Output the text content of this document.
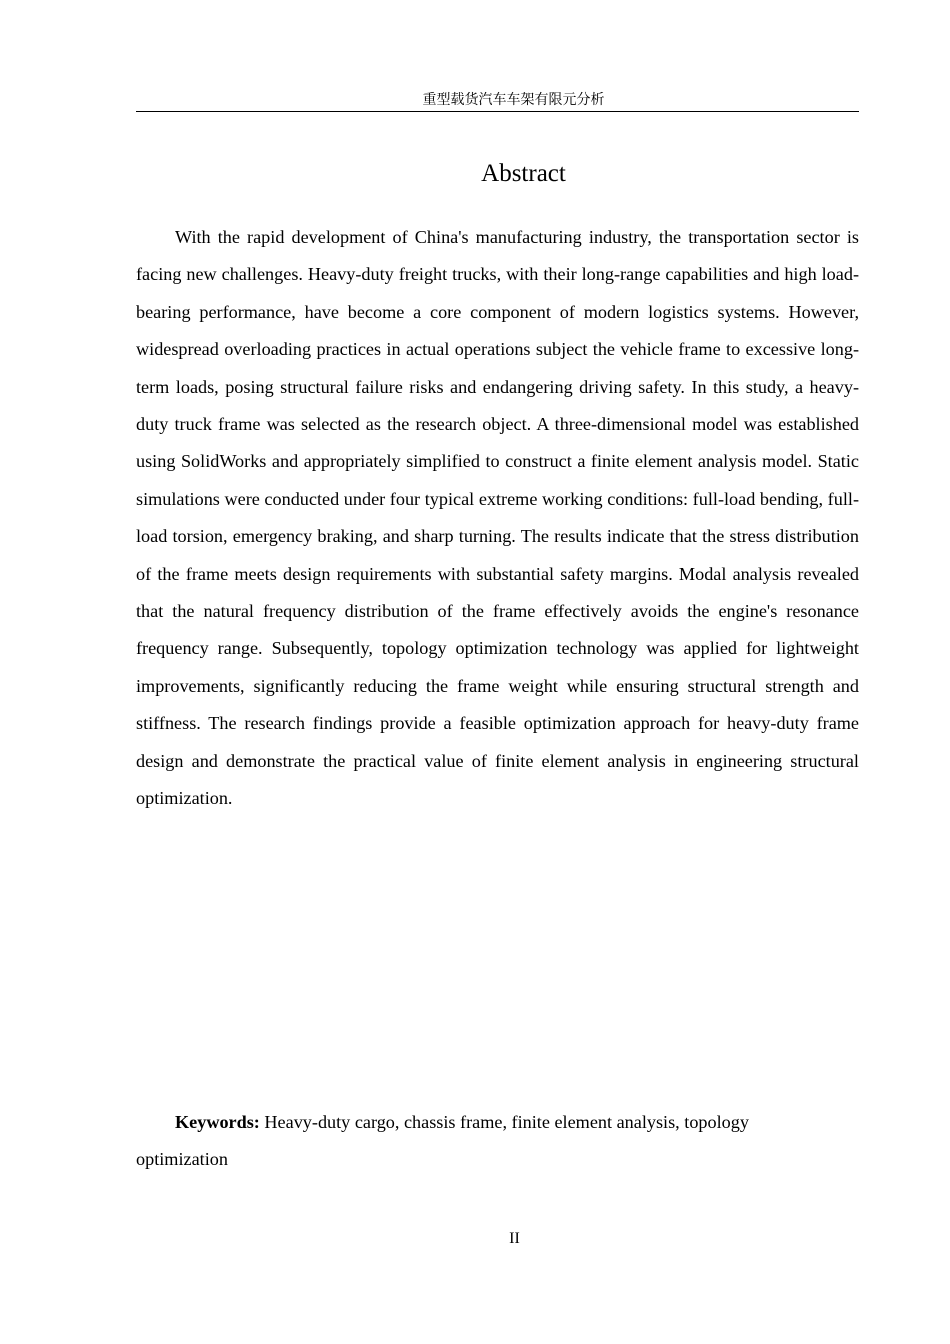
重型载货汽车车架有限元分析
Abstract

With the rapid development of China's manufacturing industry, the transportation sector is facing new challenges. Heavy-duty freight trucks, with their long-range capabilities and high load-bearing performance, have become a core component of modern logistics systems. However, widespread overloading practices in actual operations subject the vehicle frame to excessive long-term loads, posing structural failure risks and endangering driving safety. In this study, a heavy-duty truck frame was selected as the research object. A three-dimensional model was established using SolidWorks and appropriately simplified to construct a finite element analysis model. Static simulations were conducted under four typical extreme working conditions: full-load bending, full-load torsion, emergency braking, and sharp turning. The results indicate that the stress distribution of the frame meets design requirements with substantial safety margins. Modal analysis revealed that the natural frequency distribution of the frame effectively avoids the engine's resonance frequency range. Subsequently, topology optimization technology was applied for lightweight improvements, significantly reducing the frame weight while ensuring structural strength and stiffness. The research findings provide a feasible optimization approach for heavy-duty frame design and demonstrate the practical value of finite element analysis in engineering structural optimization.

Keywords: Heavy-duty cargo, chassis frame, finite element analysis, topology optimization

II
